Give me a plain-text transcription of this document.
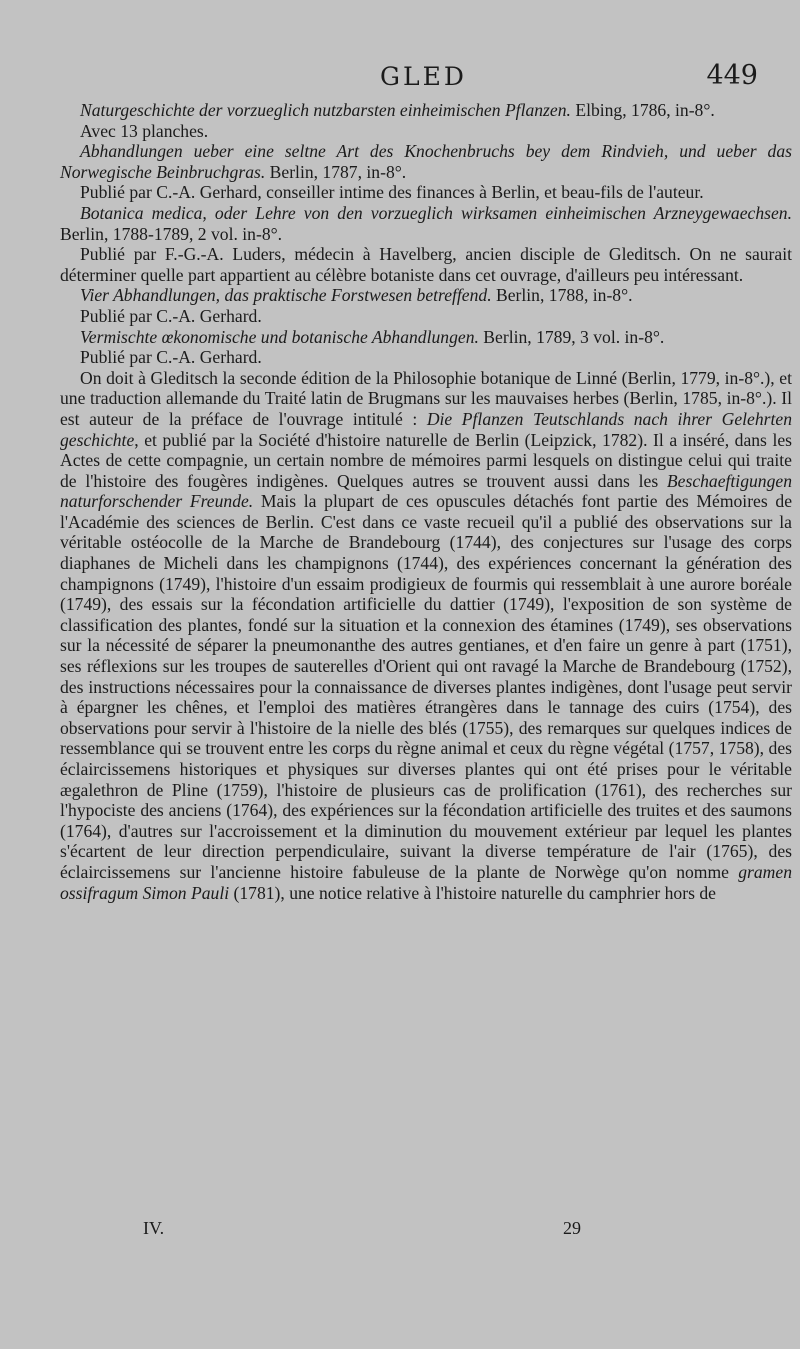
GLED	449

Naturgeschichte der vorzueglich nutzbarsten einheimischen Pflanzen. Elbing, 1786, in-8°.

Avec 13 planches.

Abhandlungen ueber eine seltne Art des Knochenbruchs bey dem Rindvieh, und ueber das Norwegische Beinbruchgras. Berlin, 1787, in-8°.

Publié par C.-A. Gerhard, conseiller intime des finances à Berlin, et beau-fils de l'auteur.

Botanica medica, oder Lehre von den vorzueglich wirksamen einheimischen Arzneygewaechsen. Berlin, 1788-1789, 2 vol. in-8°.

Publié par F.-G.-A. Luders, médecin à Havelberg, ancien disciple de Gleditsch. On ne saurait déterminer quelle part appartient au célèbre botaniste dans cet ouvrage, d'ailleurs peu intéressant.

Vier Abhandlungen, das praktische Forstwesen betreffend. Berlin, 1788, in-8°.

Publié par C.-A. Gerhard.

Vermischte œkonomische und botanische Abhandlungen. Berlin, 1789, 3 vol. in-8°.

Publié par C.-A. Gerhard.

On doit à Gleditsch la seconde édition de la Philosophie botanique de Linné (Berlin, 1779, in-8°.), et une traduction allemande du Traité latin de Brugmans sur les mauvaises herbes (Berlin, 1785, in-8°.). Il est auteur de la préface de l'ouvrage intitulé : Die Pflanzen Teutschlands nach ihrer Gelehrten geschichte, et publié par la Société d'histoire naturelle de Berlin (Leipzick, 1782). Il a inséré, dans les Actes de cette compagnie, un certain nombre de mémoires parmi lesquels on distingue celui qui traite de l'histoire des fougères indigènes. Quelques autres se trouvent aussi dans les Beschaeftigungen naturforschender Freunde. Mais la plupart de ces opuscules détachés font partie des Mémoires de l'Académie des sciences de Berlin. C'est dans ce vaste recueil qu'il a publié des observations sur la véritable ostéocolle de la Marche de Brandebourg (1744), des conjectures sur l'usage des corps diaphanes de Micheli dans les champignons (1744), des expériences concernant la génération des champignons (1749), l'histoire d'un essaim prodigieux de fourmis qui ressemblait à une aurore boréale (1749), des essais sur la fécondation artificielle du dattier (1749), l'exposition de son système de classification des plantes, fondé sur la situation et la connexion des étamines (1749), ses observations sur la nécessité de séparer la pneumonanthe des autres gentianes, et d'en faire un genre à part (1751), ses réflexions sur les troupes de sauterelles d'Orient qui ont ravagé la Marche de Brandebourg (1752), des instructions nécessaires pour la connaissance de diverses plantes indigènes, dont l'usage peut servir à épargner les chênes, et l'emploi des matières étrangères dans le tannage des cuirs (1754), des observations pour servir à l'histoire de la nielle des blés (1755), des remarques sur quelques indices de ressemblance qui se trouvent entre les corps du règne animal et ceux du règne végétal (1757, 1758), des éclaircissemens historiques et physiques sur diverses plantes qui ont été prises pour le véritable ægalethron de Pline (1759), l'histoire de plusieurs cas de prolification (1761), des recherches sur l'hypociste des anciens (1764), des expériences sur la fécondation artificielle des truites et des saumons (1764), d'autres sur l'accroissement et la diminution du mouvement extérieur par lequel les plantes s'écartent de leur direction perpendiculaire, suivant la diverse température de l'air (1765), des éclaircissemens sur l'ancienne histoire fabuleuse de la plante de Norwège qu'on nomme gramen ossifragum Simon Pauli (1781), une notice relative à l'histoire naturelle du camphrier hors de

IV.	29
